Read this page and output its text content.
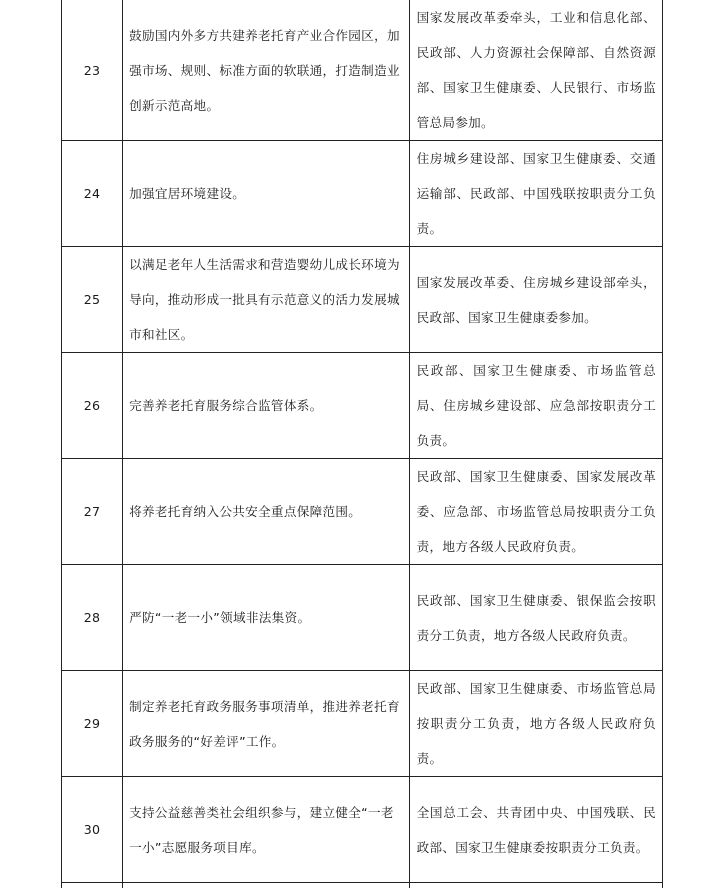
23	鼓励国内外多方共建养老托育产业合作园区，加强市场、规则、标准方面的软联通，打造制造业创新示范高地。	国家发展改革委牵头，工业和信息化部、民政部、人力资源社会保障部、自然资源部、国家卫生健康委、人民银行、市场监管总局参加。
24	加强宜居环境建设。	住房城乡建设部、国家卫生健康委、交通运输部、民政部、中国残联按职责分工负责。
25	以满足老年人生活需求和营造婴幼儿成长环境为导向，推动形成一批具有示范意义的活力发展城市和社区。	国家发展改革委、住房城乡建设部牵头，民政部、国家卫生健康委参加。
26	完善养老托育服务综合监管体系。	民政部、国家卫生健康委、市场监管总局、住房城乡建设部、应急部按职责分工负责。
27	将养老托育纳入公共安全重点保障范围。	民政部、国家卫生健康委、国家发展改革委、应急部、市场监管总局按职责分工负责，地方各级人民政府负责。
28	严防“一老一小”领域非法集资。	民政部、国家卫生健康委、银保监会按职责分工负责，地方各级人民政府负责。
29	制定养老托育政务服务事项清单，推进养老托育政务服务的“好差评”工作。	民政部、国家卫生健康委、市场监管总局按职责分工负责，地方各级人民政府负责。
30	支持公益慈善类社会组织参与，建立健全“一老一小”志愿服务项目库。	全国总工会、共青团中央、中国残联、民政部、国家卫生健康委按职责分工负责。
